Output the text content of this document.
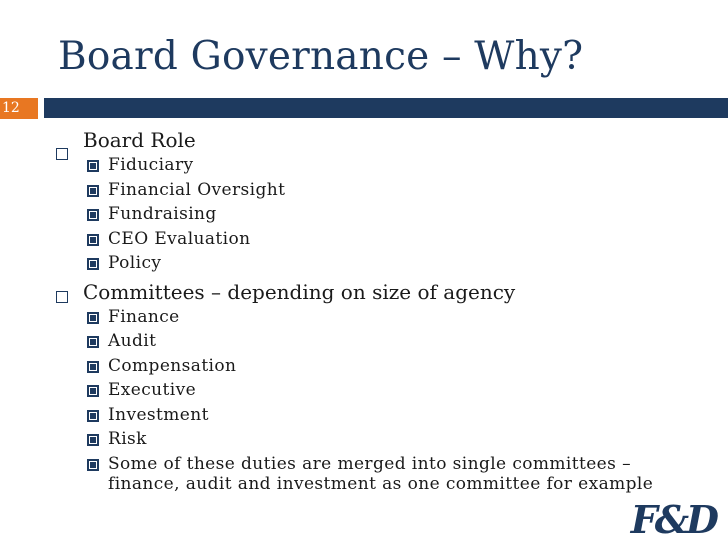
Board Governance – Why?
12
Board Role
Fiduciary
Financial Oversight
Fundraising
CEO Evaluation
Policy
Committees – depending on size of agency
Finance
Audit
Compensation
Executive
Investment
Risk
Some of these duties are merged into single committees –
finance, audit and investment as one committee for example
F&D
